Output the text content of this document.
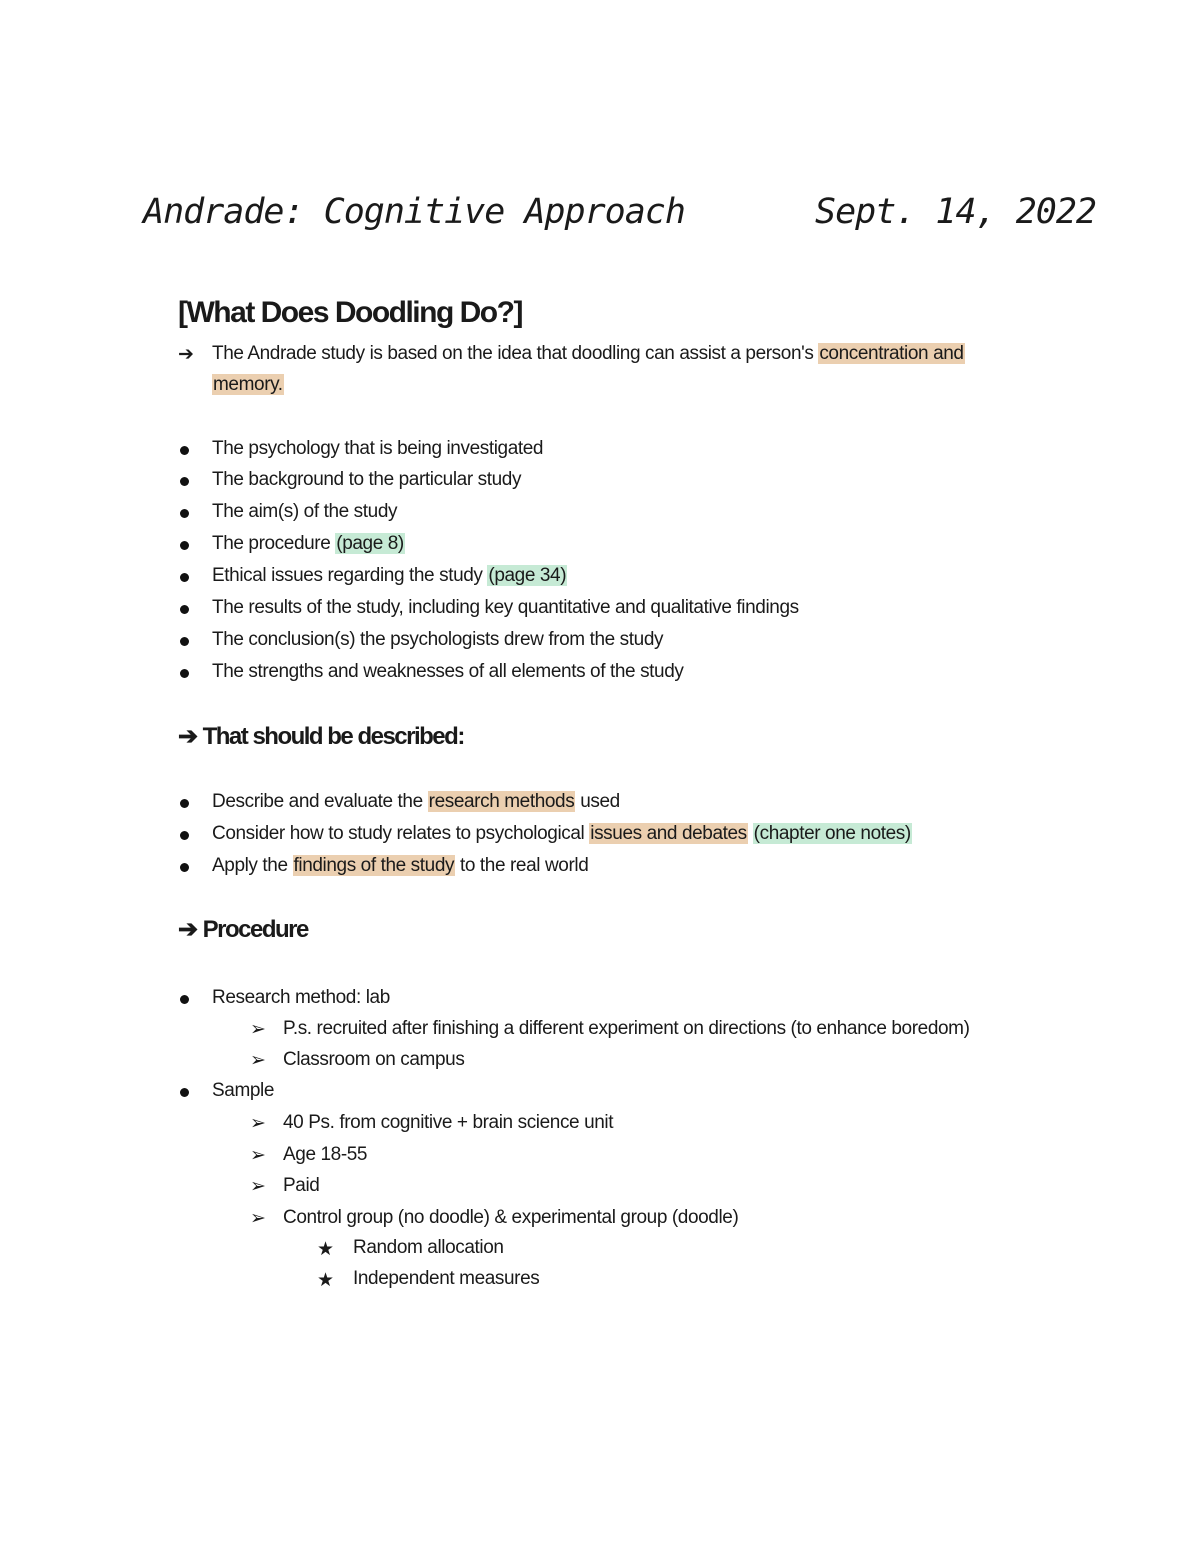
Andrade: Cognitive Approach	Sept. 14, 2022
[What Does Doodling Do?]
➔ The Andrade study is based on the idea that doodling can assist a person's concentration and
memory.
The psychology that is being investigated
The background to the particular study
The aim(s) of the study
The procedure (page 8)
Ethical issues regarding the study (page 34)
The results of the study, including key quantitative and qualitative findings
The conclusion(s) the psychologists drew from the study
The strengths and weaknesses of all elements of the study
➔ That should be described:
Describe and evaluate the research methods used
Consider how to study relates to psychological issues and debates (chapter one notes)
Apply the findings of the study to the real world
➔ Procedure
Research method: lab
➢ P.s. recruited after finishing a different experiment on directions (to enhance boredom)
➢ Classroom on campus
Sample
➢ 40 Ps. from cognitive + brain science unit
➢ Age 18-55
➢ Paid
➢ Control group (no doodle) & experimental group (doodle)
★ Random allocation
★ Independent measures
